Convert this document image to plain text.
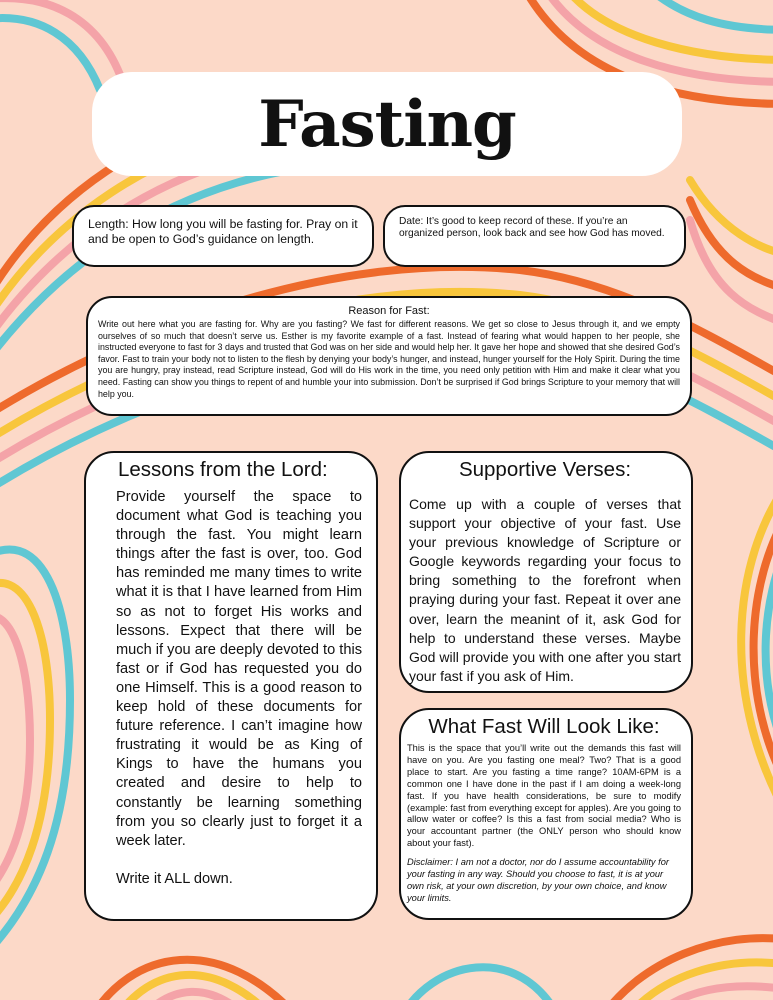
Fasting
Length: How long you will be fasting for. Pray on it and be open to God’s guidance on length.
Date: It’s good to keep record of these. If you’re an organized person, look back and see how God has moved.
Reason for Fast:
Write out here what you are fasting for. Why are you fasting? We fast for different reasons. We get so close to Jesus through it, and we empty ourselves of so much that doesn’t serve us. Esther is my favorite example of a fast. Instead of fearing what would happen to her people, she instructed everyone to fast for 3 days and trusted that God was on her side and would help her. It gave her hope and showed that she desired God’s favor. Fast to train your body not to listen to the flesh by denying your body’s hunger, and instead, hunger yourself for the Holy Spirit. During the time you are hungry, pray instead, read Scripture instead, God will do His work in the time, you need only petition with Him and make it clear what you need. Fasting can show you things to repent of and humble your into submission. Don’t be surprised if God brings Scripture to your memory that will help you.
Lessons from the Lord:
Provide yourself the space to document what God is teaching you through the fast. You might learn things after the fast is over, too. God has reminded me many times to write what it is that I have learned from Him so as not to forget His works and lessons. Expect that there will be much if you are deeply devoted to this fast or if God has requested you do one Himself. This is a good reason to keep hold of these documents for future reference. I can’t imagine how frustrating it would be as King of Kings to have the humans you created and desire to help to constantly be learning something from you so clearly just to forget it a week later.
Write it ALL down.
Supportive Verses:
Come up with a couple of verses that support your objective of your fast. Use your previous knowledge of Scripture or Google keywords regarding your focus to bring something to the forefront when praying during your fast. Repeat it over ane over, learn the meanint of it, ask God for help to understand these verses. Maybe God will provide you with one after you start your fast if you ask of Him.
What Fast Will Look Like:
This is the space that you’ll write out the demands this fast will have on you. Are you fasting one meal? Two? That is a good place to start. Are you fasting a time range? 10AM-6PM is a common one I have done in the past if I am doing a week-long fast. If you have health considerations, be sure to modify (example: fast from everything except for apples). Are you going to allow water or coffee? Is this a fast from social media? Who is your accountant partner (the ONLY person who should know about your fast).
Disclaimer: I am not a doctor, nor do I assume accountability for your fasting in any way. Should you choose to fast, it is at your own risk, at your own discretion, by your own choice, and know your limits.
